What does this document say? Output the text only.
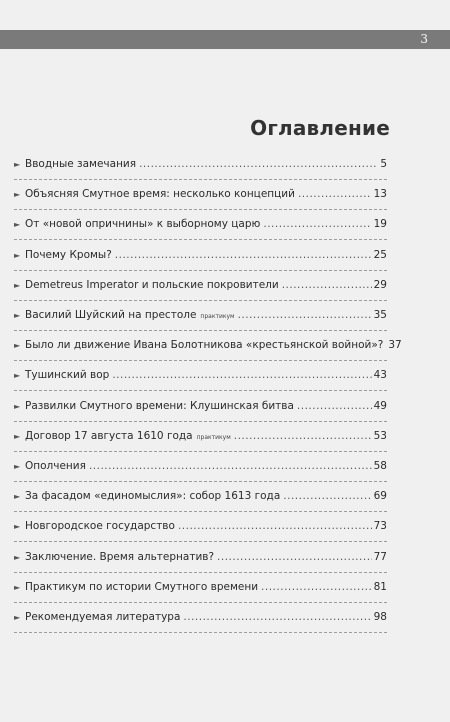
3
Оглавление
► Вводные замечания .....	5
► Объясняя Смутное время: несколько концепций .....	13
► От «новой опричнины» к выборному царю .....	19
► Почему Кромы? .....	25
► Demetreus Imperator и польские покровители .....	29
► Василий Шуйский на престоле практикум .....	35
► Было ли движение Ивана Болотникова «крестьянской войной»? 37
► Тушинский вор .....	43
► Развилки Смутного времени: Клушинская битва .....	49
► Договор 17 августа 1610 года практикум .....	53
► Ополчения .....	58
► За фасадом «единомыслия»: собор 1613 года .....	69
► Новгородское государство .....	73
► Заключение. Время альтернатив? .....	77
► Практикум по истории Смутного времени .....	81
► Рекомендуемая литература .....	98
